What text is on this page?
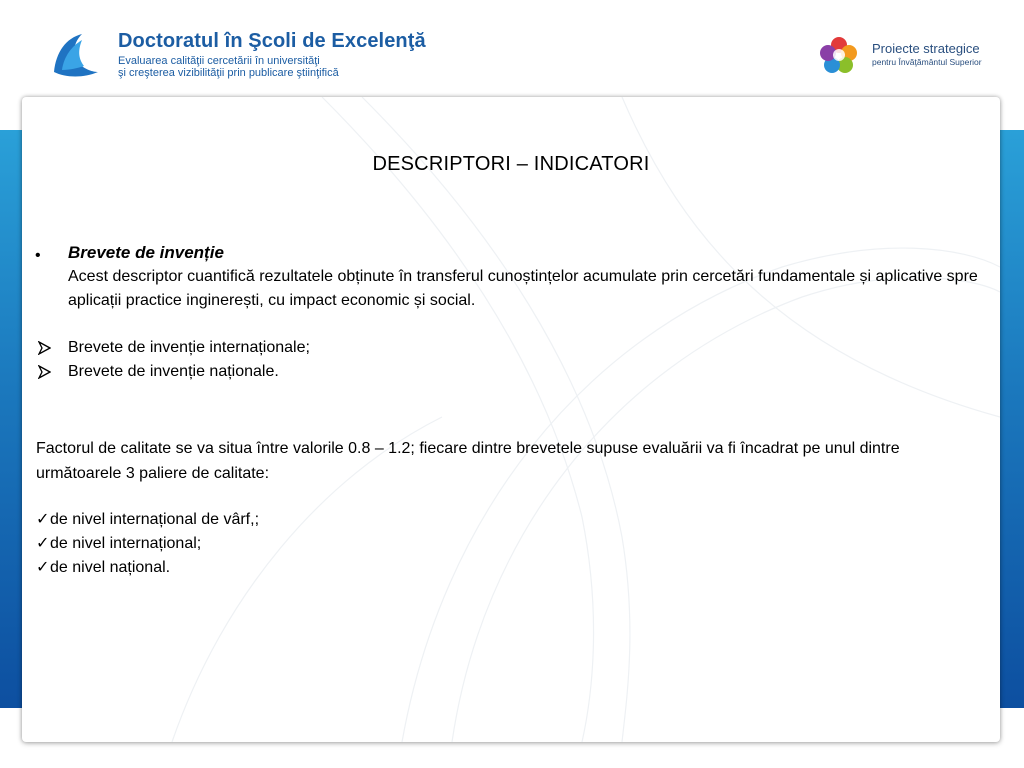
Doctoratul în Şcoli de Excelenţă

Evaluarea calităţii cercetării în universităţi

şi creşterea vizibilităţii prin publicare ştiinţifică

Proiecte strategice

pentru Învăţământul Superior

DESCRIPTORI – INDICATORI
• Brevete de invenție

Acest descriptor cuantifică rezultatele obținute în transferul cunoștințelor acumulate prin cercetări fundamentale și aplicative spre aplicații practice inginerești, cu impact economic și social.

Brevete de invenție internaționale;

Brevete de invenție naționale.

Factorul de calitate se va situa între valorile 0.8 – 1.2; fiecare dintre brevetele supuse evaluării va fi încadrat pe unul dintre următoarele 3 paliere de calitate:

✓de nivel internațional de vârf,;
✓de nivel internațional;
✓de nivel național.
